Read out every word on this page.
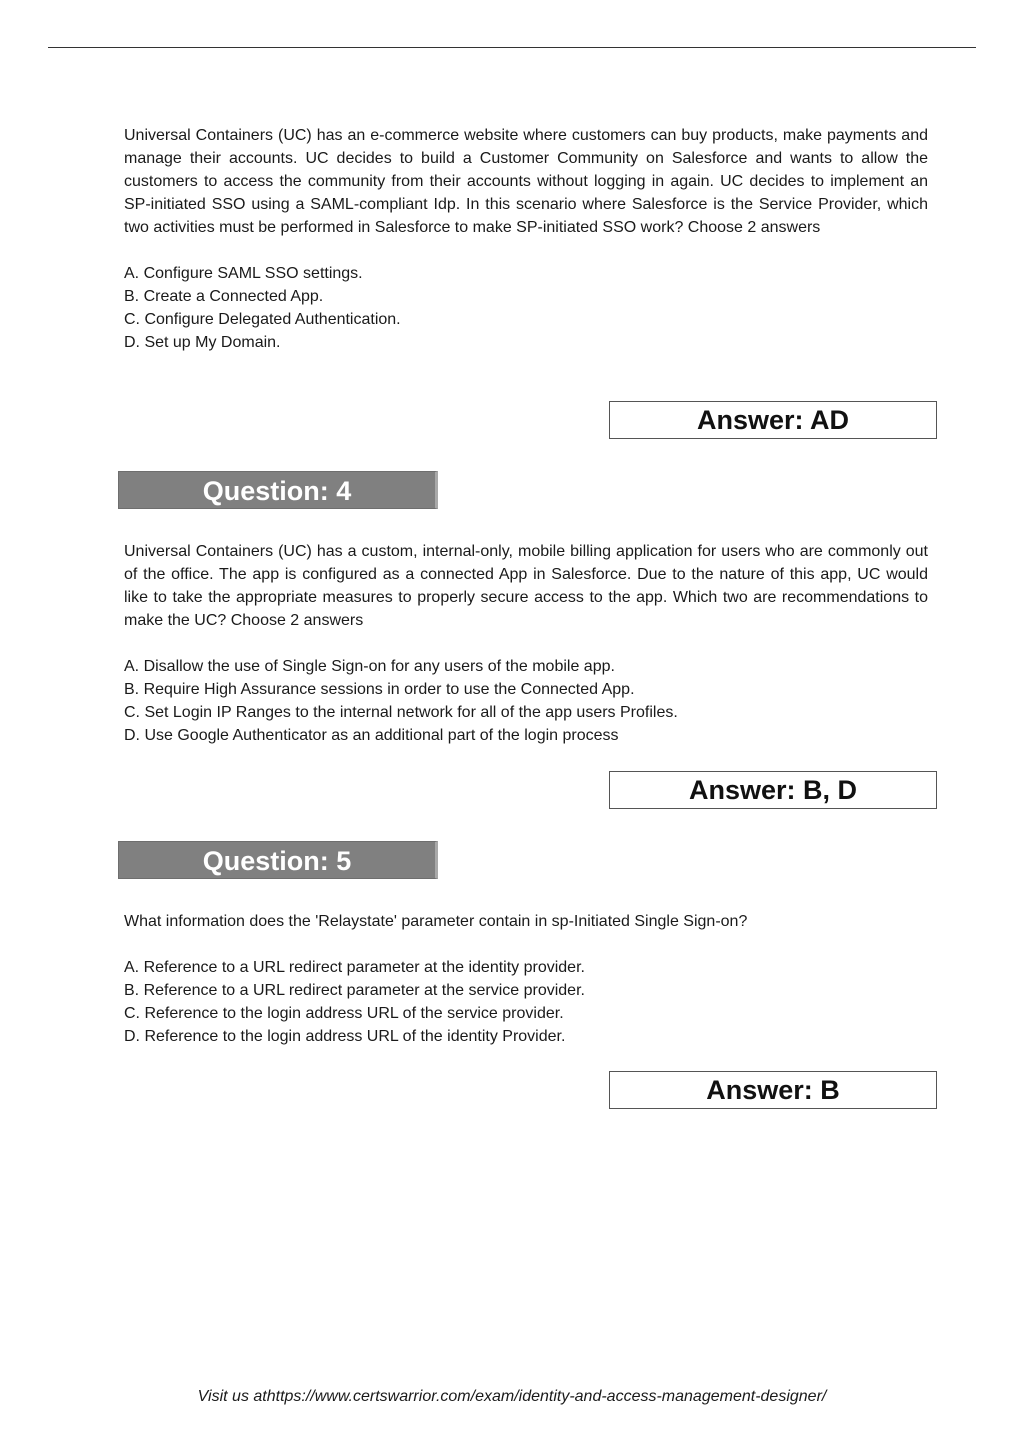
Universal Containers (UC) has an e-commerce website where customers can buy products, make payments and manage their accounts. UC decides to build a Customer Community on Salesforce and wants to allow the customers to access the community from their accounts without logging in again. UC decides to implement an SP-initiated SSO using a SAML-compliant Idp. In this scenario where Salesforce is the Service Provider, which two activities must be performed in Salesforce to make SP-initiated SSO work? Choose 2 answers

A. Configure SAML SSO settings.
B. Create a Connected App.
C. Configure Delegated Authentication.
D. Set up My Domain.
Answer: AD
Question: 4

Universal Containers (UC) has a custom, internal-only, mobile billing application for users who are commonly out of the office. The app is configured as a connected App in Salesforce. Due to the nature of this app, UC would like to take the appropriate measures to properly secure access to the app. Which two are recommendations to make the UC? Choose 2 answers

A. Disallow the use of Single Sign-on for any users of the mobile app.
B. Require High Assurance sessions in order to use the Connected App.
C. Set Login IP Ranges to the internal network for all of the app users Profiles.
D. Use Google Authenticator as an additional part of the login process
Answer: B, D
Question: 5

What information does the 'Relaystate' parameter contain in sp-Initiated Single Sign-on?

A. Reference to a URL redirect parameter at the identity provider.
B. Reference to a URL redirect parameter at the service provider.
C. Reference to the login address URL of the service provider.
D. Reference to the login address URL of the identity Provider.
Answer: B
Visit us athttps://www.certswarrior.com/exam/identity-and-access-management-designer/
